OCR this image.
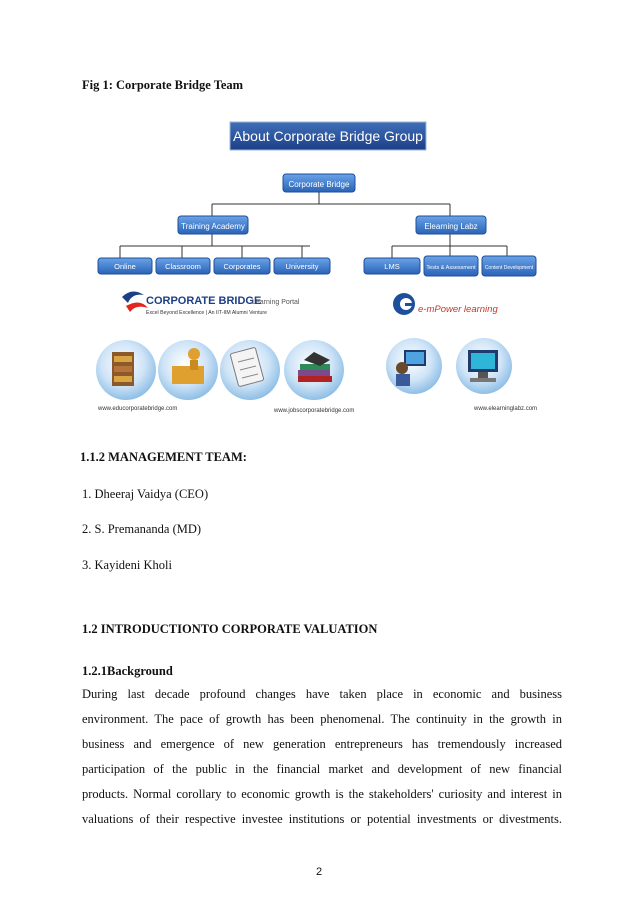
Fig 1: Corporate Bridge Team
About Corporate Bridge Group
Corporate Bridge
Training Academy	Elearning Labz
Online	Classroom	Corporates	University	LMS	Tests & Assessment Content Development
CORPORATE BRIDGE
Learning Portal
Excel Beyond Excellence | An IIT-IIM Alumni Venture	e-mPower learning
www.educorporatebridge.com	www.jobscorporatebridge.com	www.elearninglabz.com
1.1.2 MANAGEMENT TEAM:
1. Dheeraj Vaidya (CEO)
2. S. Premananda (MD)
3. Kayideni Kholi
1.2 INTRODUCTIONTO CORPORATE VALUATION
1.2.1Background
During last decade profound changes have taken place in economic and business
environment. The pace of growth has been phenomenal. The continuity in the growth in
business and emergence of new generation entrepreneurs has tremendously increased
participation of the public in the financial market and development of new financial
products. Normal corollary to economic growth is the stakeholders' curiosity and interest in
valuations of their respective investee institutions or potential investments or divestments.
2
